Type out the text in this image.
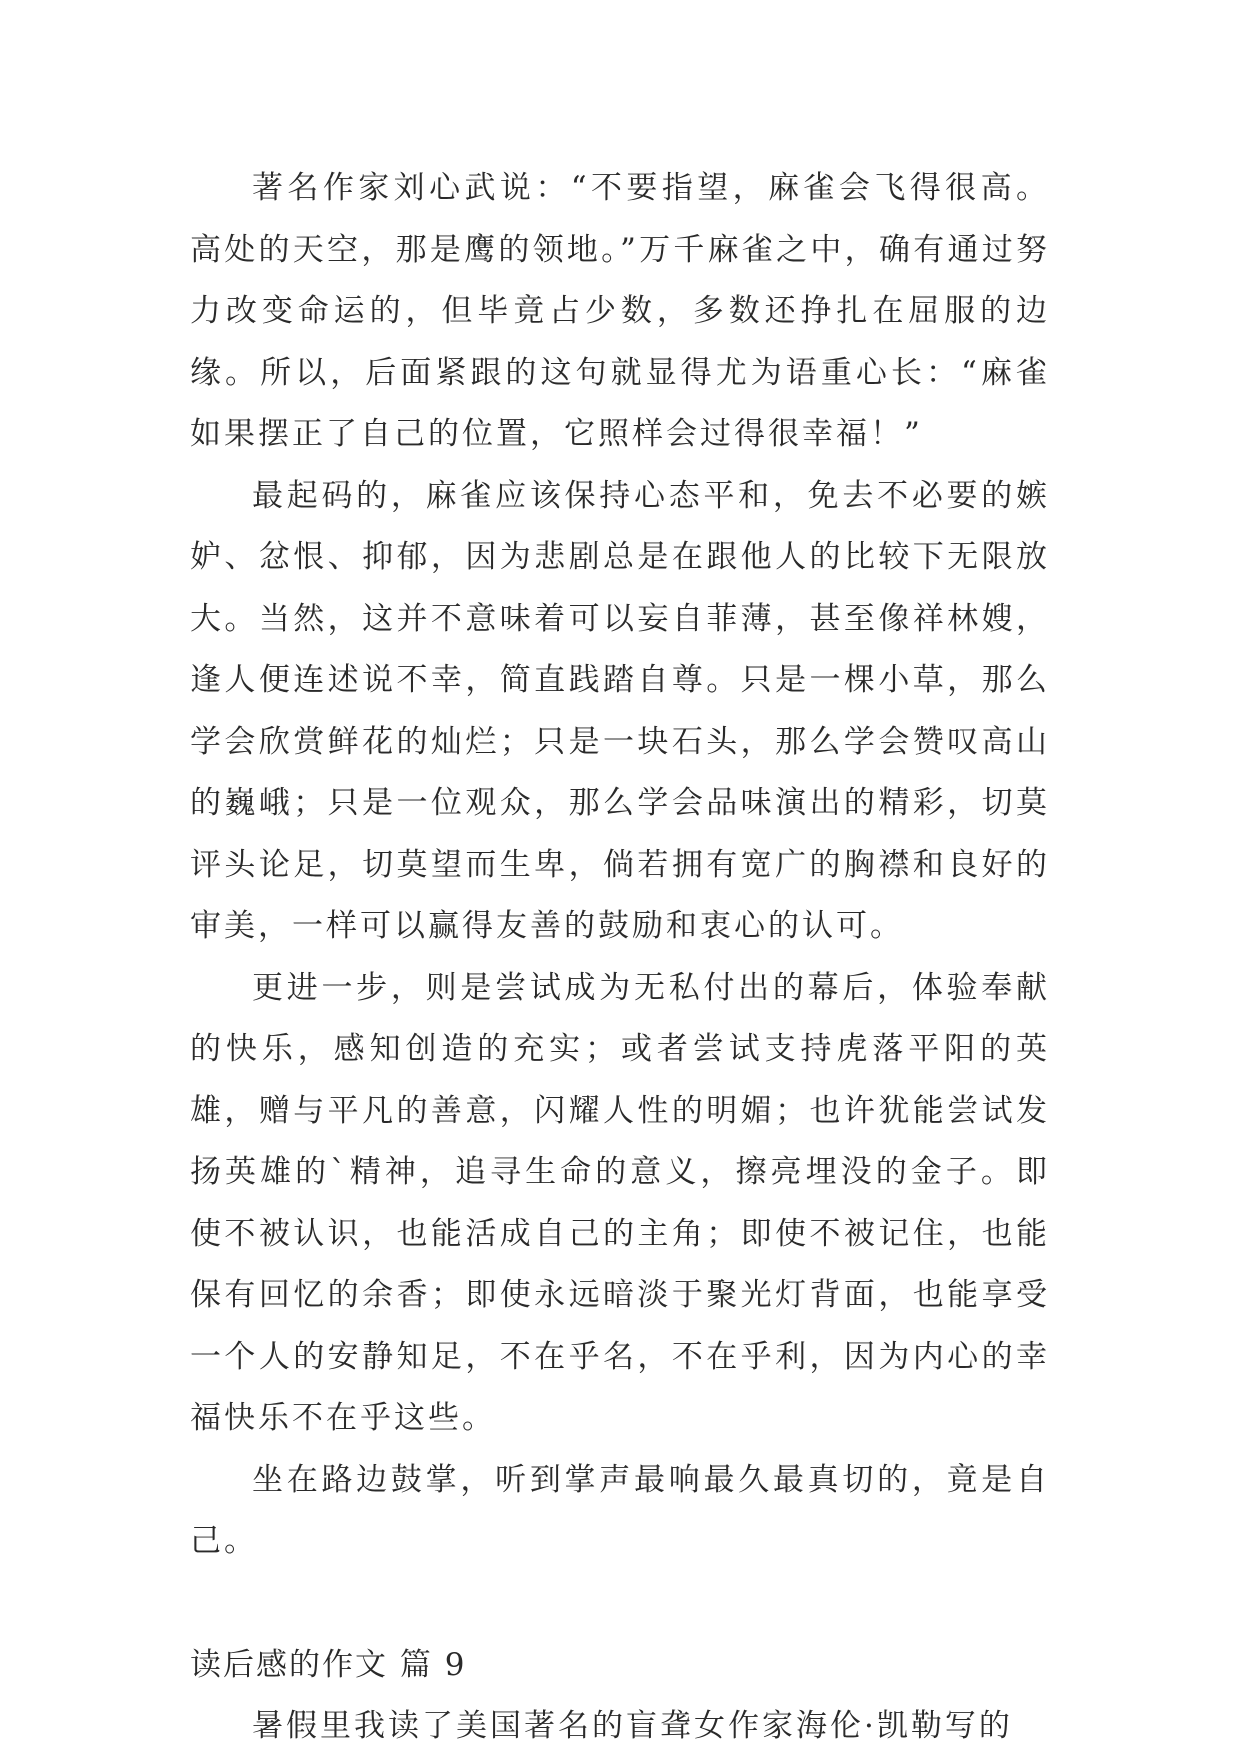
著名作家刘心武说：“不要指望，麻雀会飞得很高。高处的天空，那是鹰的领地。”万千麻雀之中，确有通过努力改变命运的，但毕竟占少数，多数还挣扎在屈服的边缘。所以，后面紧跟的这句就显得尤为语重心长：“麻雀如果摆正了自己的位置，它照样会过得很幸福！”

最起码的，麻雀应该保持心态平和，免去不必要的嫉妒、忿恨、抑郁，因为悲剧总是在跟他人的比较下无限放大。当然，这并不意味着可以妄自菲薄，甚至像祥林嫂，逢人便连述说不幸，简直践踏自尊。只是一棵小草，那么学会欣赏鲜花的灿烂；只是一块石头，那么学会赞叹高山的巍峨；只是一位观众，那么学会品味演出的精彩，切莫评头论足，切莫望而生卑，倘若拥有宽广的胸襟和良好的审美，一样可以赢得友善的鼓励和衷心的认可。

更进一步，则是尝试成为无私付出的幕后，体验奉献的快乐，感知创造的充实；或者尝试支持虎落平阳的英雄，赠与平凡的善意，闪耀人性的明媚；也许犹能尝试发扬英雄的`精神，追寻生命的意义，擦亮埋没的金子。即使不被认识，也能活成自己的主角；即使不被记住，也能保有回忆的余香；即使永远暗淡于聚光灯背面，也能享受一个人的安静知足，不在乎名，不在乎利，因为内心的幸福快乐不在乎这些。

坐在路边鼓掌，听到掌声最响最久最真切的，竟是自己。

读后感的作文 篇 9

暑假里我读了美国著名的盲聋女作家海伦·凯勒写的
